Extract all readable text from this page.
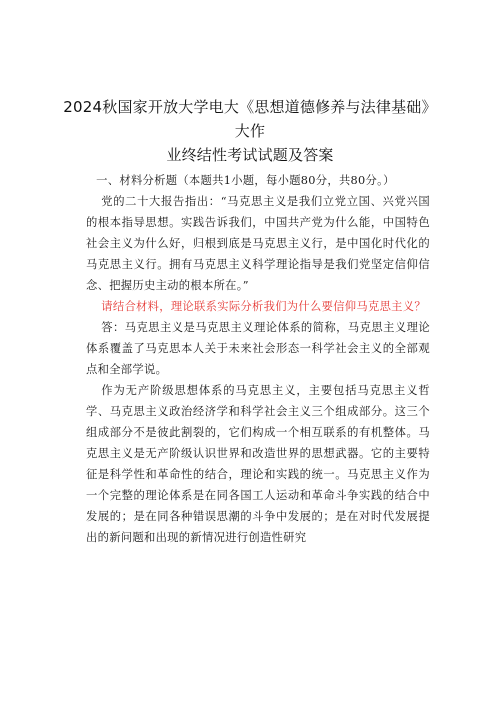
2024秋国家开放大学电大《思想道德修养与法律基础》大作
业终结性考试试题及答案

一、材料分析题（本题共1小题，每小题80分，共80分。）

党的二十大报告指出：“马克思主义是我们立党立国、兴党兴国的根本指导思想。实践告诉我们，中国共产党为什么能，中国特色社会主义为什么好，归根到底是马克思主义行，是中国化时代化的马克思主义行。拥有马克思主义科学理论指导是我们党坚定信仰信念、把握历史主动的根本所在。”

请结合材料，理论联系实际分析我们为什么要信仰马克思主义？

答：马克思主义是马克思主义理论体系的简称，马克思主义理论体系覆盖了马克思本人关于未来社会形态一科学社会主义的全部观点和全部学说。

作为无产阶级思想体系的马克思主义，主要包括马克思主义哲学、马克思主义政治经济学和科学社会主义三个组成部分。这三个组成部分不是彼此割裂的，它们构成一个相互联系的有机整体。马克思主义是无产阶级认识世界和改造世界的思想武器。它的主要特征是科学性和革命性的结合，理论和实践的统一。马克思主义作为一个完整的理论体系是在同各国工人运动和革命斗争实践的结合中发展的；是在同各种错误思潮的斗争中发展的；是在对时代发展提出的新问题和出现的新情况进行创造性研究
